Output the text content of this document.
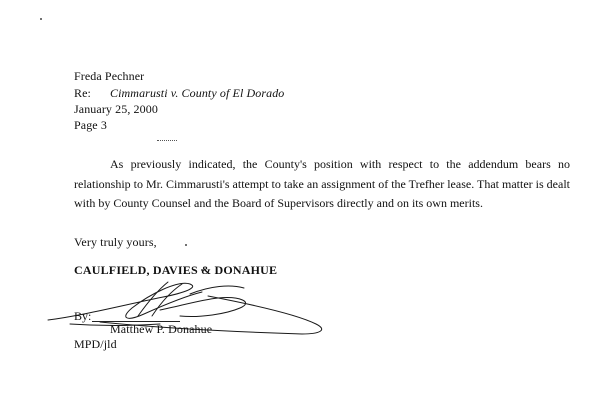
Freda Pechner
Re: Cimmarusti v. County of El Dorado
January 25, 2000
Page 3
As previously indicated, the County's position with respect to the addendum bears no relationship to Mr. Cimmarusti's attempt to take an assignment of the Trefher lease. That matter is dealt with by County Counsel and the Board of Supervisors directly and on its own merits.
Very truly yours,
CAULFIELD, DAVIES & DONAHUE
By:
Matthew P. Donahue
MPD/jld
